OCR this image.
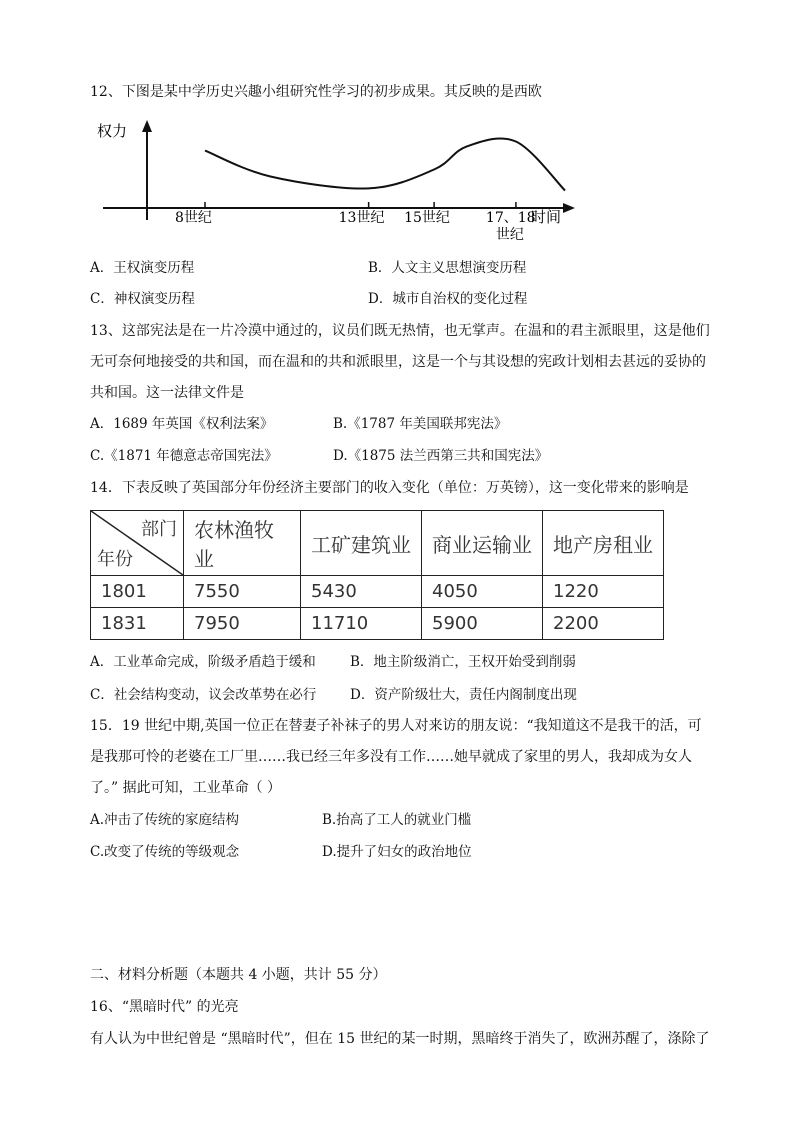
12、下图是某中学历史兴趣小组研究性学习的初步成果。其反映的是西欧
权力
时间
8世纪	13世纪 15世纪	17、18
世纪
A．王权演变历程	B．人文主义思想演变历程
C．神权演变历程	D．城市自治权的变化过程
13、这部宪法是在一片冷漠中通过的，议员们既无热情，也无掌声。在温和的君主派眼里，这是他们
无可奈何地接受的共和国，而在温和的共和派眼里，这是一个与其设想的宪政计划相去甚远的妥协的
共和国。这一法律文件是
A．1689 年英国《权利法案》	B.《1787 年美国联邦宪法》
C.《1871 年德意志帝国宪法》	D.《1875 法兰西第三共和国宪法》
14．下表反映了英国部分年份经济主要部门的收入变化（单位：万英镑），这一变化带来的影响是
部门
年份	农林渔牧业	工矿建筑业	商业运输业	地产房租业
1801	7550	5430	4050	1220
1831	7950	11710	5900	2200
A．工业革命完成，阶级矛盾趋于缓和	B．地主阶级消亡，王权开始受到削弱
C．社会结构变动，议会改革势在必行 D．资产阶级壮大，责任内阁制度出现
15．19 世纪中期,英国一位正在替妻子补袜子的男人对来访的朋友说：“我知道这不是我干的活，可
是我那可怜的老婆在工厂里……我已经三年多没有工作……她早就成了家里的男人，我却成为女人
了。” 据此可知，工业革命（ ）
A.冲击了传统的家庭结构	B.抬高了工人的就业门槛
C.改变了传统的等级观念	D.提升了妇女的政治地位
二、材料分析题（本题共 4 小题，共计 55 分）
16、“黑暗时代” 的光亮
有人认为中世纪曾是 “黑暗时代”，但在 15 世纪的某一时期，黑暗终于消失了，欧洲苏醒了，涤除了
